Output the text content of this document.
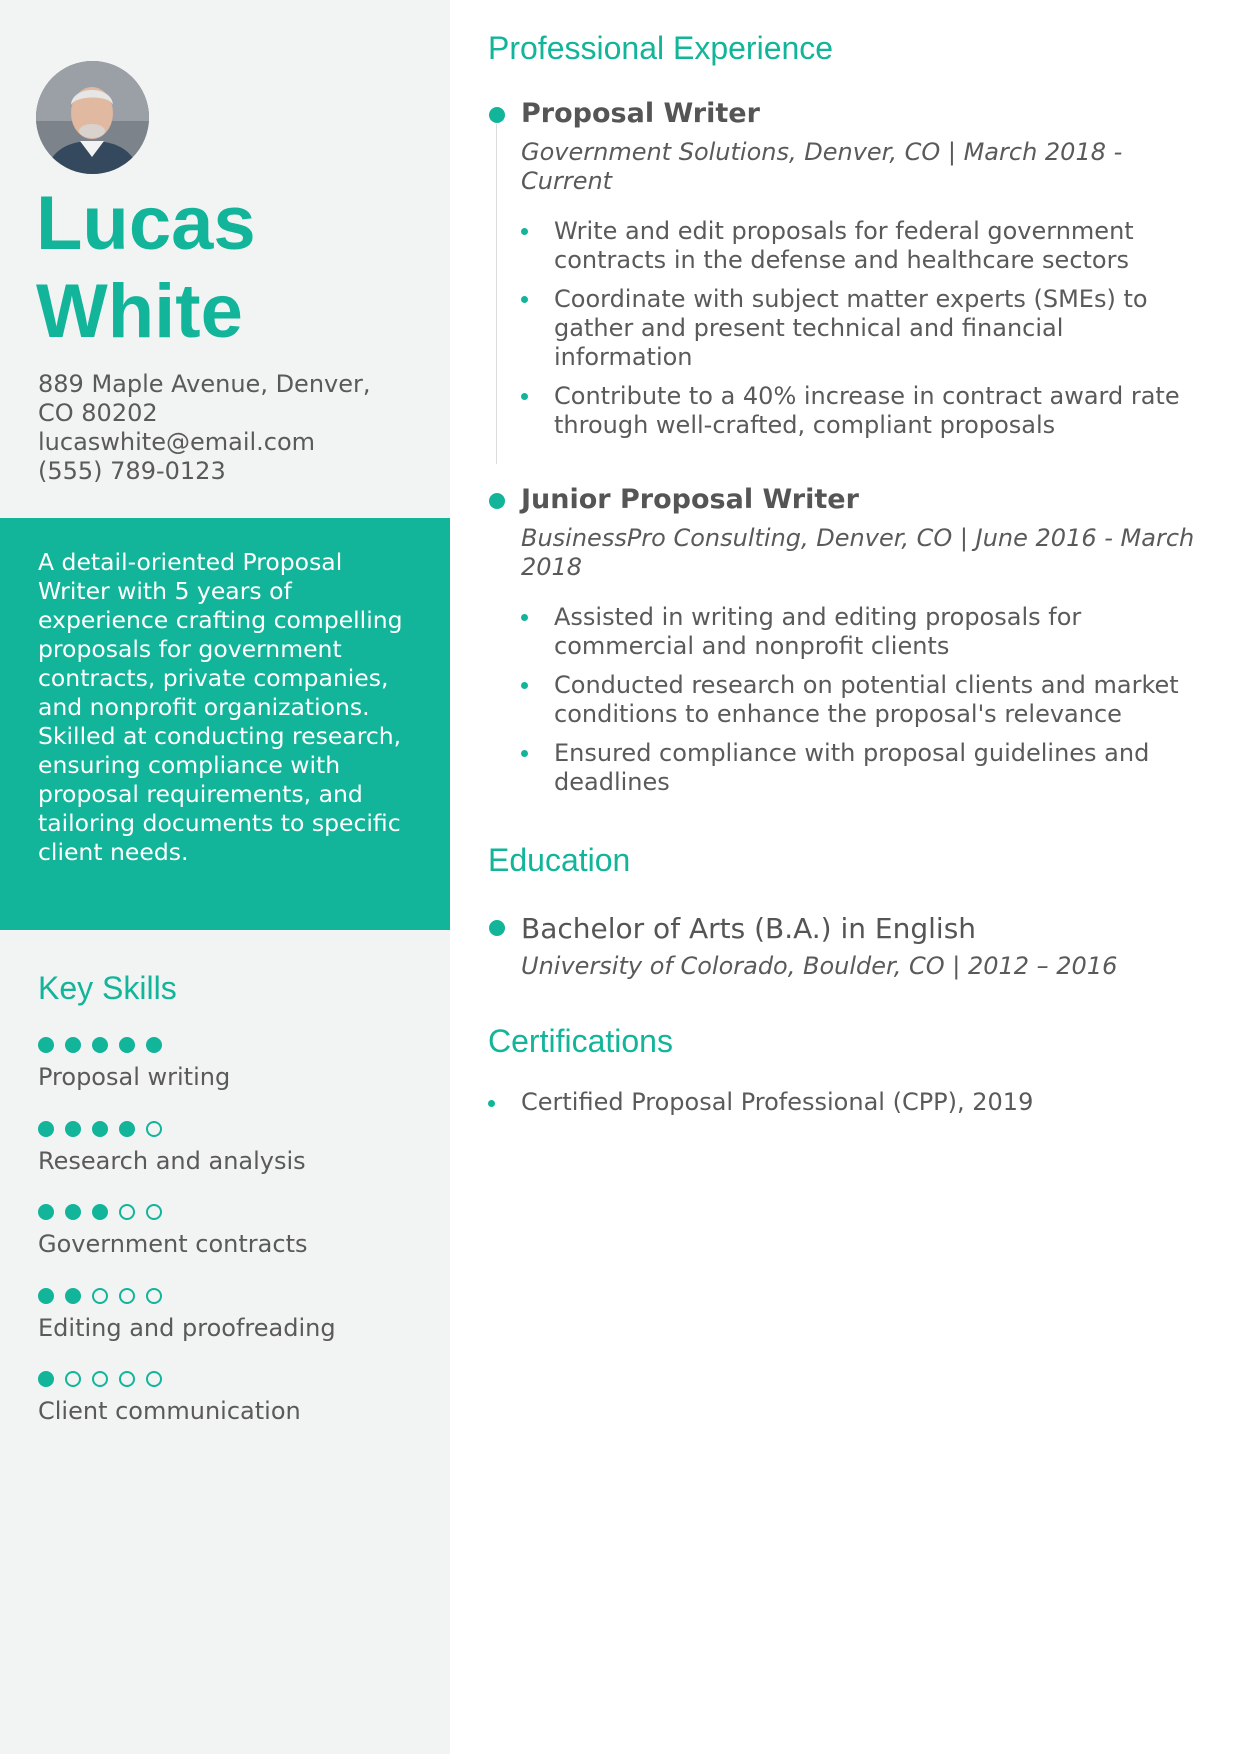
Lucas
White
889 Maple Avenue, Denver,
CO 80202
lucaswhite@email.com
(555) 789-0123
A detail-oriented Proposal Writer with 5 years of experience crafting compelling proposals for government contracts, private companies, and nonprofit organizations. Skilled at conducting research, ensuring compliance with proposal requirements, and tailoring documents to specific client needs.
Key Skills
Proposal writing
Research and analysis
Government contracts
Editing and proofreading
Client communication
Professional Experience
Proposal Writer
Government Solutions, Denver, CO | March 2018 - Current
Write and edit proposals for federal government contracts in the defense and healthcare sectors
Coordinate with subject matter experts (SMEs) to gather and present technical and financial information
Contribute to a 40% increase in contract award rate through well-crafted, compliant proposals
Junior Proposal Writer
BusinessPro Consulting, Denver, CO | June 2016 - March 2018
Assisted in writing and editing proposals for commercial and nonprofit clients
Conducted research on potential clients and market conditions to enhance the proposal's relevance
Ensured compliance with proposal guidelines and deadlines
Education
Bachelor of Arts (B.A.) in English
University of Colorado, Boulder, CO | 2012 – 2016
Certifications
Certified Proposal Professional (CPP), 2019
